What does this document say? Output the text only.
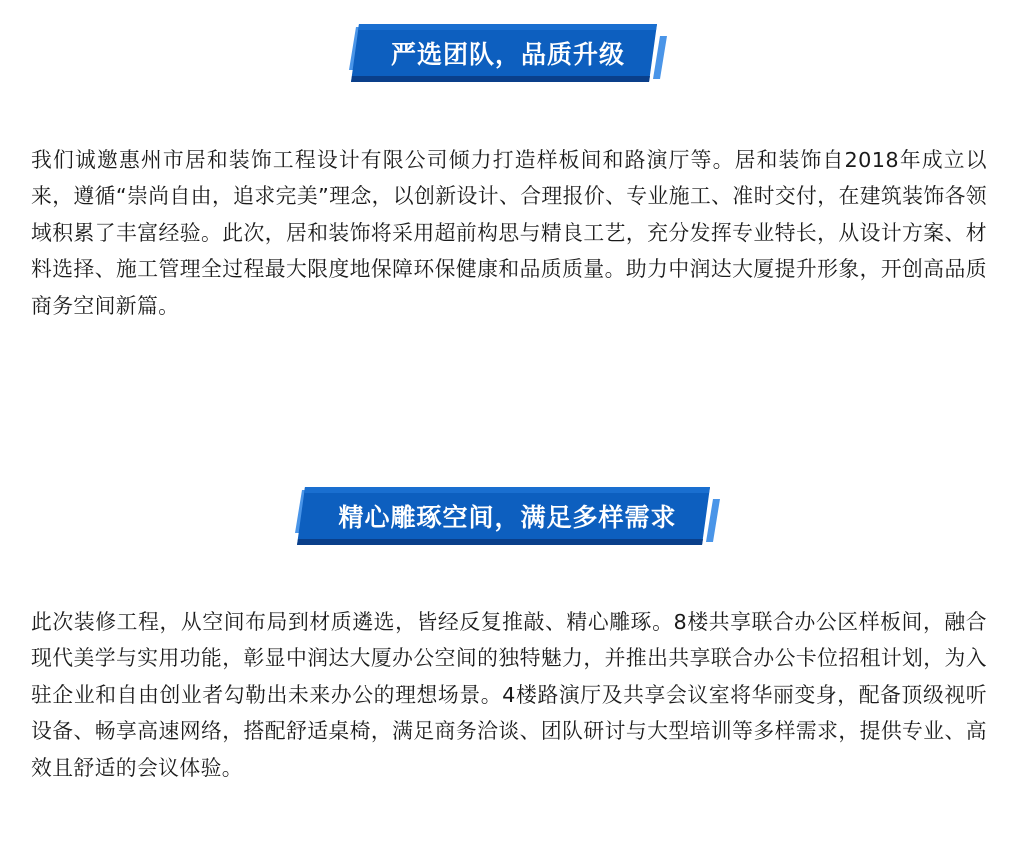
严选团队，品质升级

我们诚邀惠州市居和装饰工程设计有限公司倾力打造样板间和路演厅等。居和装饰自2018年成立以来，遵循“崇尚自由，追求完美”理念，以创新设计、合理报价、专业施工、准时交付，在建筑装饰各领域积累了丰富经验。此次，居和装饰将采用超前构思与精良工艺，充分发挥专业特长，从设计方案、材料选择、施工管理全过程最大限度地保障环保健康和品质质量。助力中润达大厦提升形象，开创高品质商务空间新篇。

精心雕琢空间，满足多样需求

此次装修工程，从空间布局到材质遴选，皆经反复推敲、精心雕琢。8楼共享联合办公区样板间，融合现代美学与实用功能，彰显中润达大厦办公空间的独特魅力，并推出共享联合办公卡位招租计划，为入驻企业和自由创业者勾勒出未来办公的理想场景。4楼路演厅及共享会议室将华丽变身，配备顶级视听设备、畅享高速网络，搭配舒适桌椅，满足商务洽谈、团队研讨与大型培训等多样需求，提供专业、高效且舒适的会议体验。
